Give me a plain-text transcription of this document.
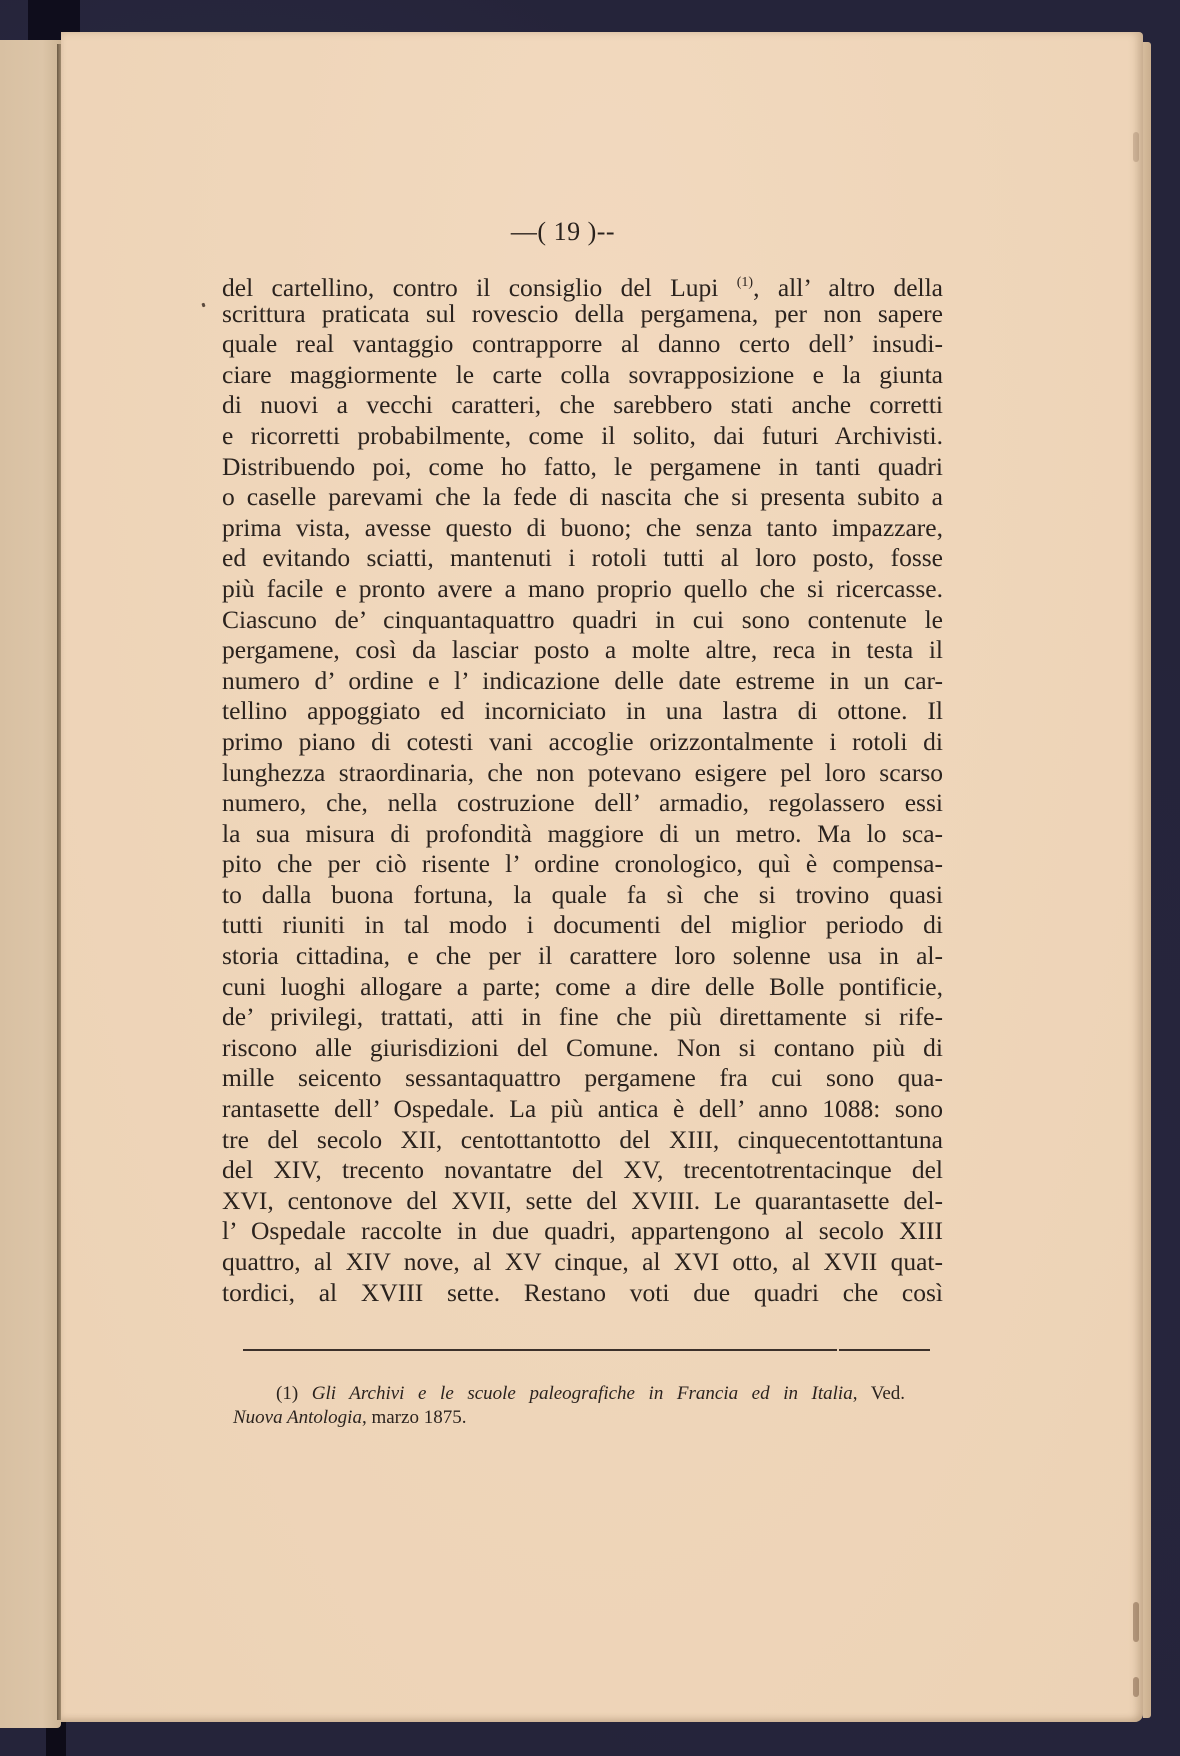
—( 19 )--
del cartellino, contro il consiglio del Lupi $^{(1)}$, all’ altro della
scrittura praticata sul rovescio della pergamena, per non sapere
quale real vantaggio contrapporre al danno certo dell’ insudi-
ciare maggiormente le carte colla sovrapposizione e la giunta
di nuovi a vecchi caratteri, che sarebbero stati anche corretti
e ricorretti probabilmente, come il solito, dai futuri Archivisti.
Distribuendo poi, come ho fatto, le pergamene in tanti quadri
o caselle parevami che la fede di nascita che si presenta subito a
prima vista, avesse questo di buono; che senza tanto impazzare,
ed evitando sciatti, mantenuti i rotoli tutti al loro posto, fosse
più facile e pronto avere a mano proprio quello che si ricercasse.
Ciascuno de’ cinquantaquattro quadri in cui sono contenute le
pergamene, così da lasciar posto a molte altre, reca in testa il
numero d’ ordine e l’ indicazione delle date estreme in un car-
tellino appoggiato ed incorniciato in una lastra di ottone. Il
primo piano di cotesti vani accoglie orizzontalmente i rotoli di
lunghezza straordinaria, che non potevano esigere pel loro scarso
numero, che, nella costruzione dell’ armadio, regolassero essi
la sua misura di profondità maggiore di un metro. Ma lo sca-
pito che per ciò risente l’ ordine cronologico, quì è compensa-
to dalla buona fortuna, la quale fa sì che si trovino quasi
tutti riuniti in tal modo i documenti del miglior periodo di
storia cittadina, e che per il carattere loro solenne usa in al-
cuni luoghi allogare a parte; come a dire delle Bolle pontificie,
de’ privilegi, trattati, atti in fine che più direttamente si rife-
riscono alle giurisdizioni del Comune. Non si contano più di
mille seicento sessantaquattro pergamene fra cui sono qua-
rantasette dell’ Ospedale. La più antica è dell’ anno 1088: sono
tre del secolo XII, centottantotto del XIII, cinquecentottantuna
del XIV, trecento novantatre del XV, trecentotrentacinque del
XVI, centonove del XVII, sette del XVIII. Le quarantasette del-
l’ Ospedale raccolte in due quadri, appartengono al secolo XIII
quattro, al XIV nove, al XV cinque, al XVI otto, al XVII quat-
tordici, al XVIII sette. Restano voti due quadri che così
(1) Gli Archivi e le scuole paleografiche in Francia ed in Italia, Ved.
Nuova Antologia, marzo 1875.
